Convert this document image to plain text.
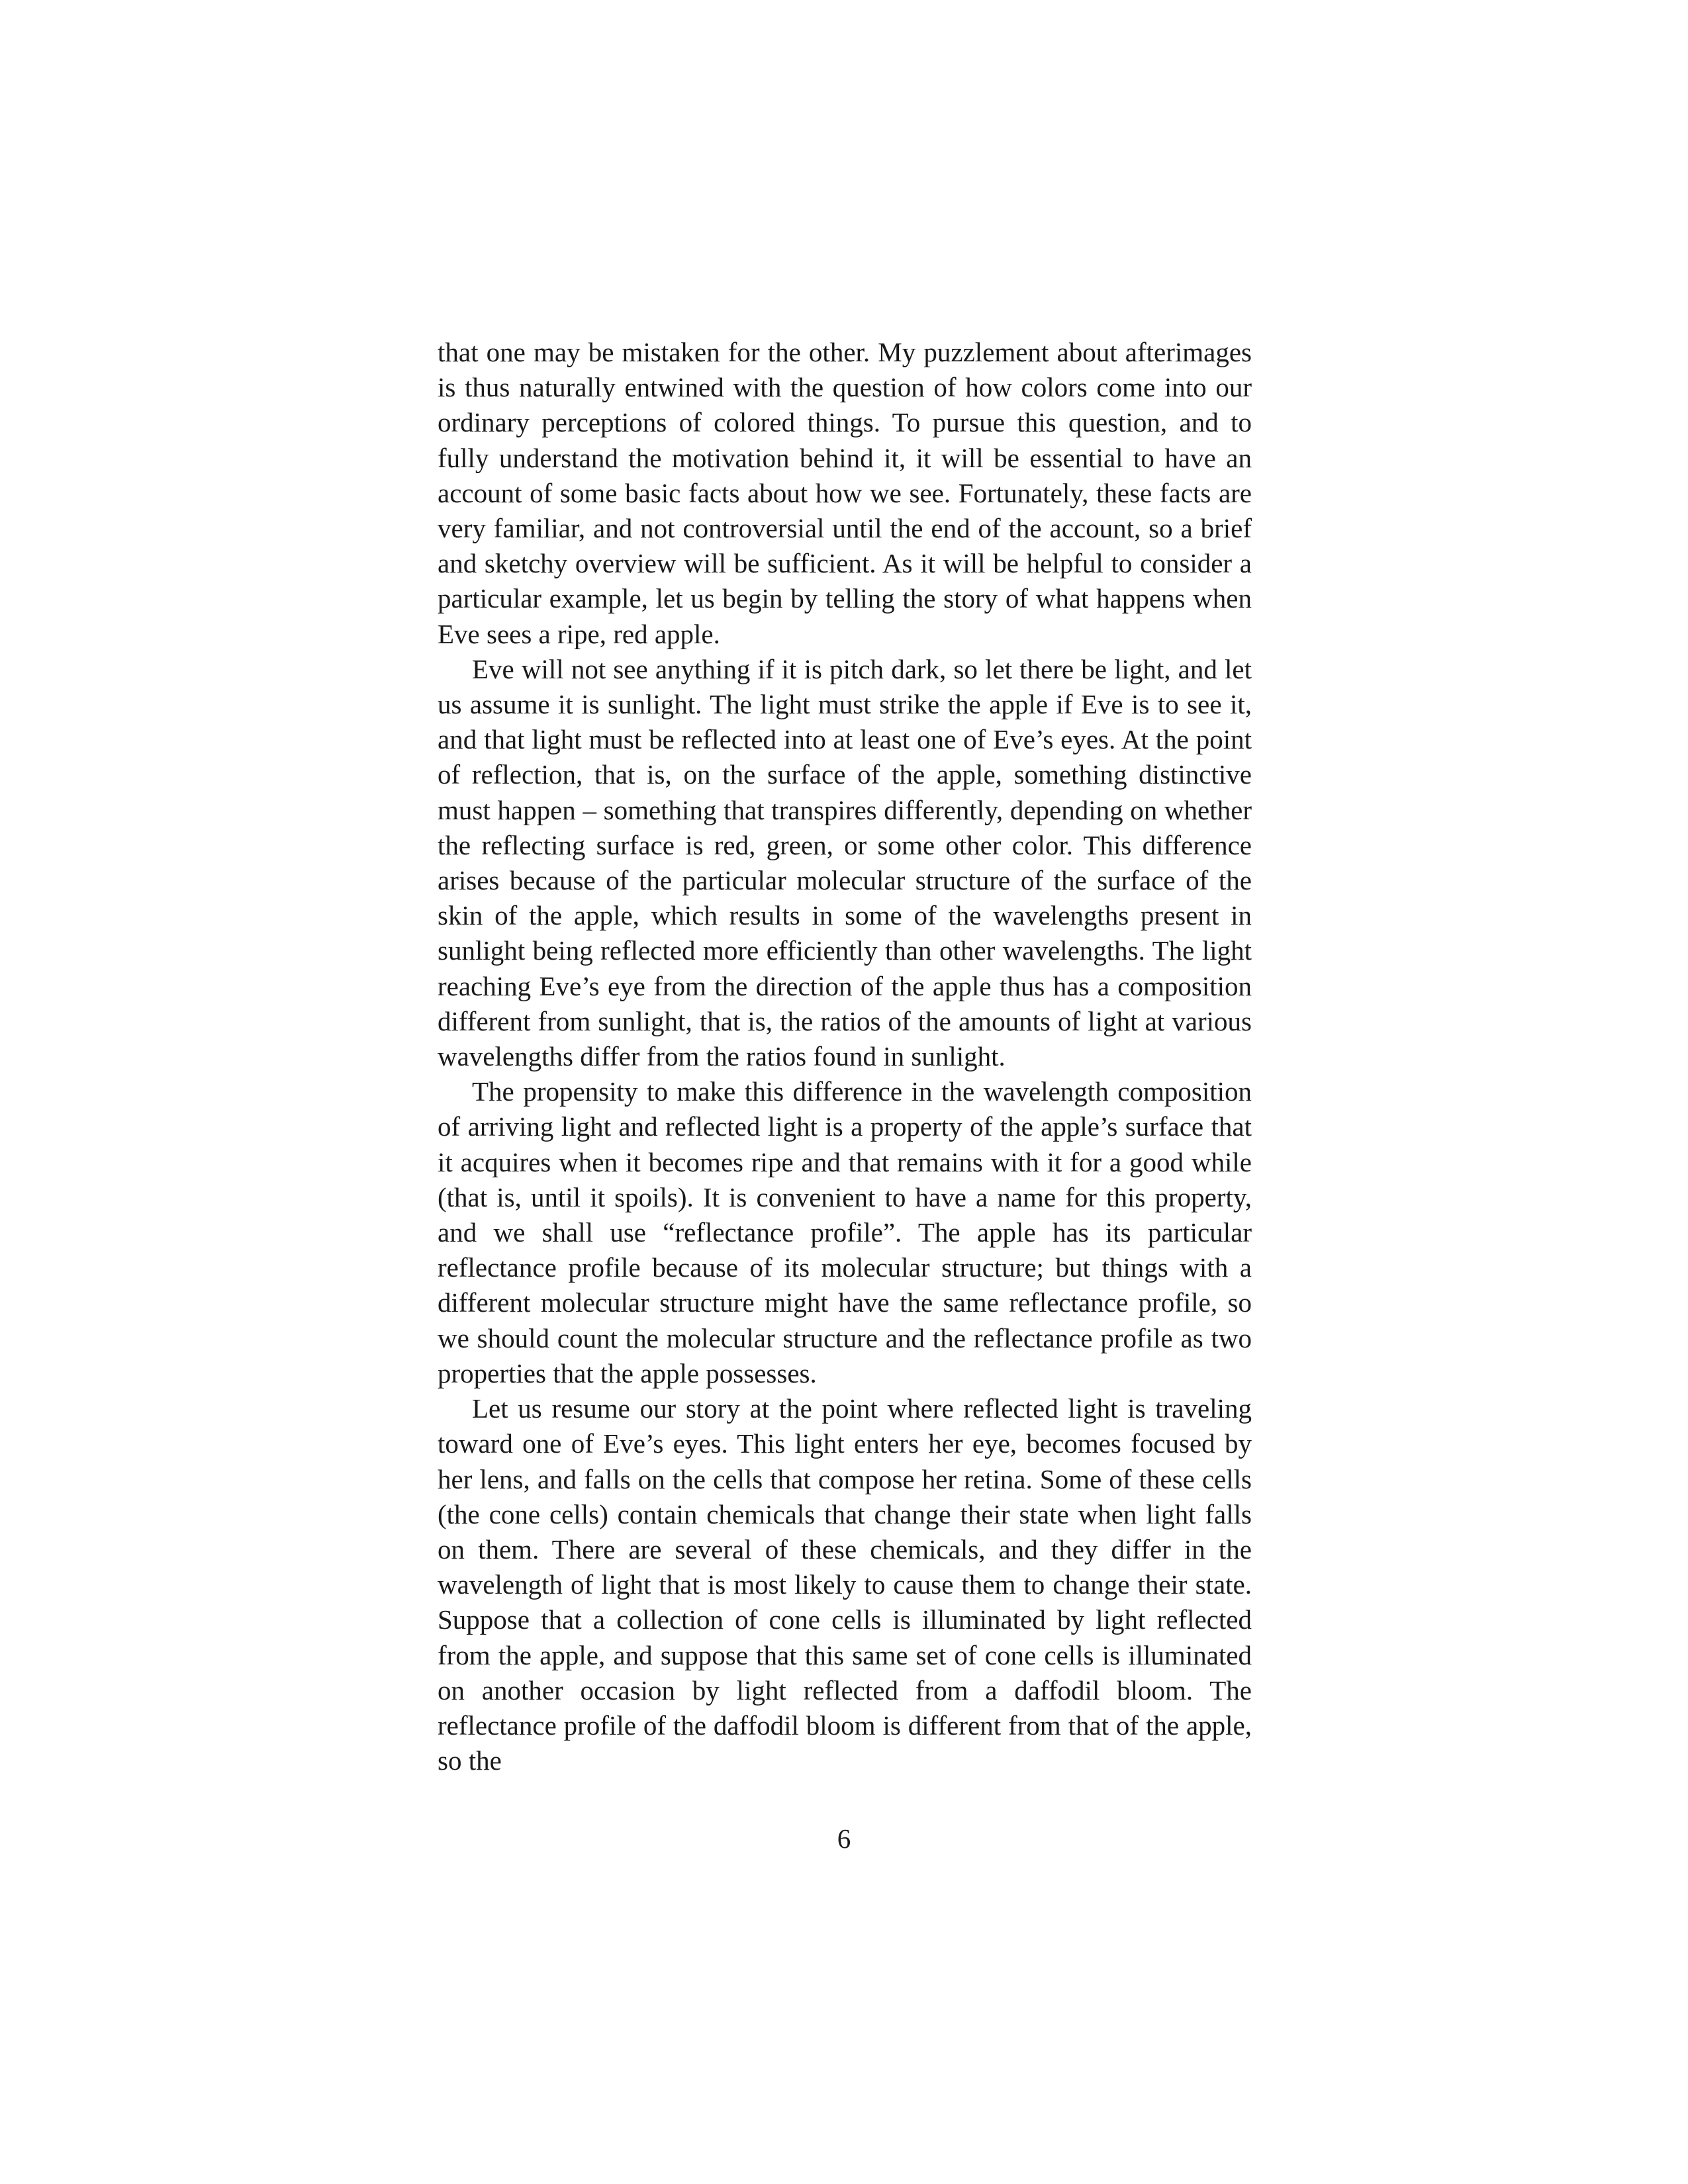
that one may be mistaken for the other. My puzzlement about afterimages is thus naturally entwined with the question of how colors come into our ordinary perceptions of colored things. To pursue this question, and to fully understand the motivation behind it, it will be essential to have an account of some basic facts about how we see. Fortunately, these facts are very familiar, and not controversial until the end of the account, so a brief and sketchy overview will be sufficient. As it will be helpful to consider a particular example, let us begin by telling the story of what happens when Eve sees a ripe, red apple.

Eve will not see anything if it is pitch dark, so let there be light, and let us assume it is sunlight. The light must strike the apple if Eve is to see it, and that light must be reflected into at least one of Eve’s eyes. At the point of reflection, that is, on the surface of the apple, something distinctive must happen – something that transpires differently, depending on whether the reflecting surface is red, green, or some other color. This difference arises because of the particular molecular structure of the surface of the skin of the apple, which results in some of the wavelengths present in sunlight being reflected more efficiently than other wavelengths. The light reaching Eve’s eye from the direction of the apple thus has a composition different from sunlight, that is, the ratios of the amounts of light at various wavelengths differ from the ratios found in sunlight.

The propensity to make this difference in the wavelength composition of arriving light and reflected light is a property of the apple’s surface that it acquires when it becomes ripe and that remains with it for a good while (that is, until it spoils). It is convenient to have a name for this property, and we shall use “reflectance profile”. The apple has its particular reflectance profile because of its molecular structure; but things with a different molecular structure might have the same reflectance profile, so we should count the molecular structure and the reflectance profile as two properties that the apple possesses.

Let us resume our story at the point where reflected light is traveling toward one of Eve’s eyes. This light enters her eye, becomes focused by her lens, and falls on the cells that compose her retina. Some of these cells (the cone cells) contain chemicals that change their state when light falls on them. There are several of these chemicals, and they differ in the wavelength of light that is most likely to cause them to change their state. Suppose that a collection of cone cells is illuminated by light reflected from the apple, and suppose that this same set of cone cells is illuminated on another occasion by light reflected from a daffodil bloom. The reflectance profile of the daffodil bloom is different from that of the apple, so the

6
